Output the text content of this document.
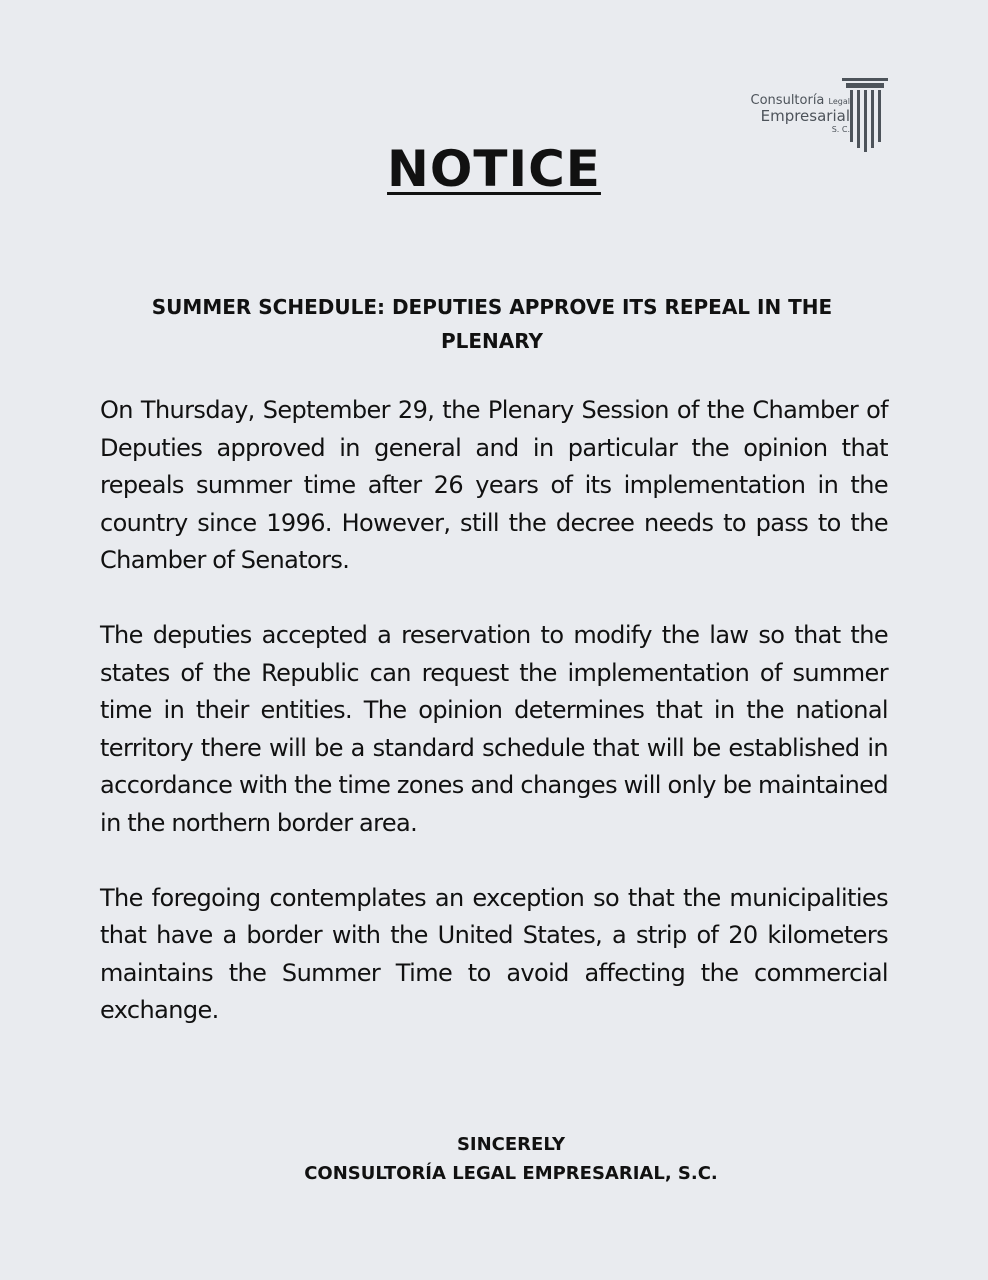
Consultoría Legal
Empresarial
S. C.
NOTICE
SUMMER SCHEDULE: DEPUTIES APPROVE ITS REPEAL IN THE PLENARY

On Thursday, September 29, the Plenary Session of the Chamber of Deputies approved in general and in particular the opinion that repeals summer time after 26 years of its implementation in the country since 1996. However, still the decree needs to pass to the Chamber of Senators.

The deputies accepted a reservation to modify the law so that the states of the Republic can request the implementation of summer time in their entities. The opinion determines that in the national territory there will be a standard schedule that will be established in accordance with the time zones and changes will only be maintained in the northern border area.

The foregoing contemplates an exception so that the municipalities that have a border with the United States, a strip of 20 kilometers maintains the Summer Time to avoid affecting the commercial exchange.

SINCERELY
CONSULTORÍA LEGAL EMPRESARIAL, S.C.
